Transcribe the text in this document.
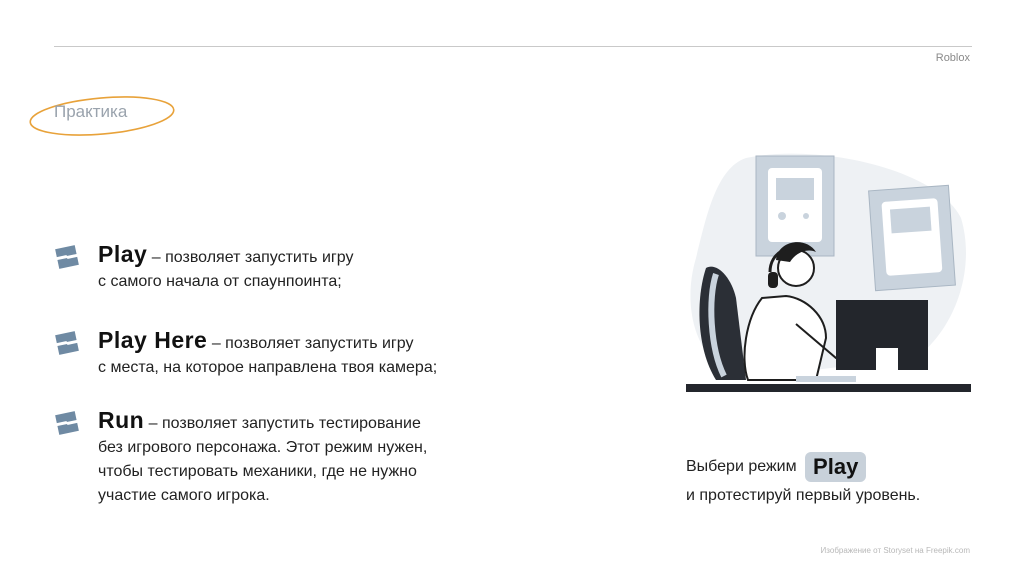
Roblox
Практика
Play – позволяет запустить игру
с самого начала от спаунпоинта;
Play Here – позволяет запустить игру
с места, на которое направлена твоя камера;
Run – позволяет запустить тестирование
без игрового персонажа. Этот режим нужен,
чтобы тестировать механики, где не нужно
участие самого игрока.
Выбери режим Play
и протестируй первый уровень.
Изображение от Storyset на Freepik.com
